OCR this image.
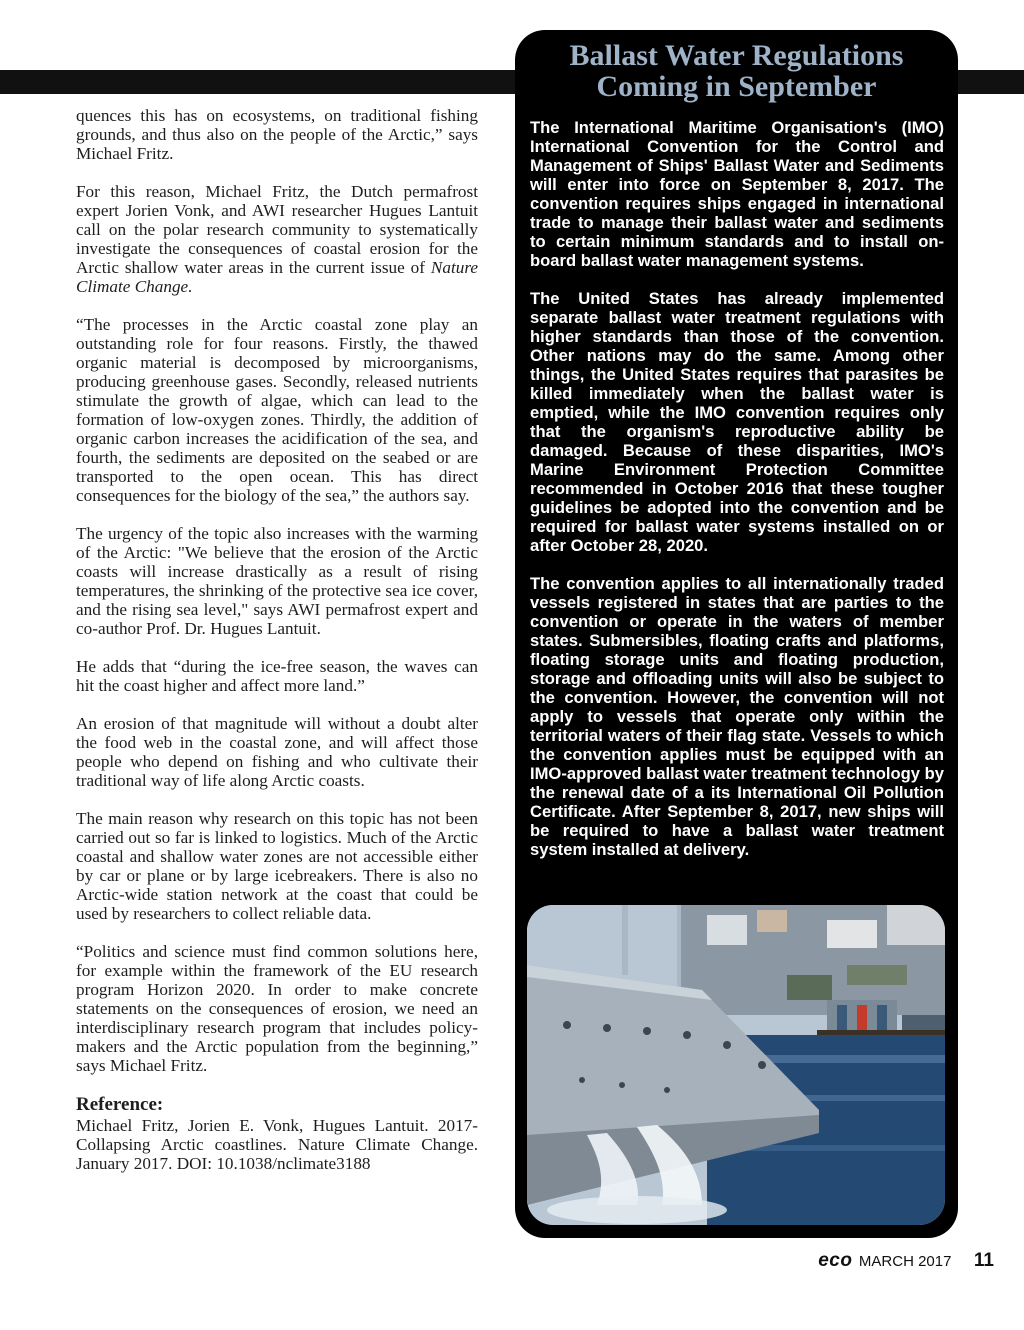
quences this has on ecosystems, on traditional fishing grounds, and thus also on the people of the Arctic,” says Michael Fritz.

For this reason, Michael Fritz, the Dutch permafrost expert Jorien Vonk, and AWI researcher Hugues Lantuit call on the polar research community to systematically investigate the consequences of coastal erosion for the Arctic shallow water areas in the current issue of Nature Climate Change.

“The processes in the Arctic coastal zone play an outstanding role for four reasons. Firstly, the thawed organic material is decomposed by microorganisms, producing greenhouse gases. Secondly, released nutrients stimulate the growth of algae, which can lead to the formation of low-oxygen zones. Thirdly, the addition of organic carbon increases the acidification of the sea, and fourth, the sediments are deposited on the seabed or are transported to the open ocean. This has direct consequences for the biology of the sea,” the authors say.

The urgency of the topic also increases with the warming of the Arctic: "We believe that the erosion of the Arctic coasts will increase drastically as a result of rising temperatures, the shrinking of the protective sea ice cover, and the rising sea level," says AWI permafrost expert and co-author Prof. Dr. Hugues Lantuit.

He adds that “during the ice-free season, the waves can hit the coast higher and affect more land.”

An erosion of that magnitude will without a doubt alter the food web in the coastal zone, and will affect those people who depend on fishing and who cultivate their traditional way of life along Arctic coasts.

The main reason why research on this topic has not been carried out so far is linked to logistics. Much of the Arctic coastal and shallow water zones are not accessible either by car or plane or by large icebreakers. There is also no Arctic-wide station network at the coast that could be used by researchers to collect reliable data.

“Politics and science must find common solutions here, for example within the framework of the EU research program Horizon 2020. In order to make concrete statements on the consequences of erosion, we need an interdisciplinary research program that includes policy-makers and the Arctic population from the beginning,” says Michael Fritz.

Reference:

Michael Fritz, Jorien E. Vonk, Hugues Lantuit. 2017- Collapsing Arctic coastlines. Nature Climate Change. January 2017. DOI: 10.1038/nclimate3188

Ballast Water Regulations
Coming in September

The International Maritime Organisation's (IMO) International Convention for the Control and Management of Ships' Ballast Water and Sediments will enter into force on September 8, 2017. The convention requires ships engaged in international trade to manage their ballast water and sediments to certain minimum standards and to install on-board ballast water management systems.

The United States has already implemented separate ballast water treatment regulations with higher standards than those of the convention. Other nations may do the same. Among other things, the United States requires that parasites be killed immediately when the ballast water is emptied, while the IMO convention requires only that the organism's reproductive ability be damaged. Because of these disparities, IMO's Marine Environment Protection Committee recommended in October 2016 that these tougher guidelines be adopted into the convention and be required for ballast water systems installed on or after October 28, 2020.

The convention applies to all internationally traded vessels registered in states that are parties to the convention or operate in the waters of member states. Submersibles, floating crafts and platforms, floating storage units and floating production, storage and offloading units will also be subject to the convention. However, the convention will not apply to vessels that operate only within the territorial waters of their flag state. Vessels to which the convention applies must be equipped with an IMO-approved ballast water treatment technology by the renewal date of a its International Oil Pollution Certificate. After September 8, 2017, new ships will be required to have a ballast water treatment system installed at delivery.

eco MARCH 2017 11
